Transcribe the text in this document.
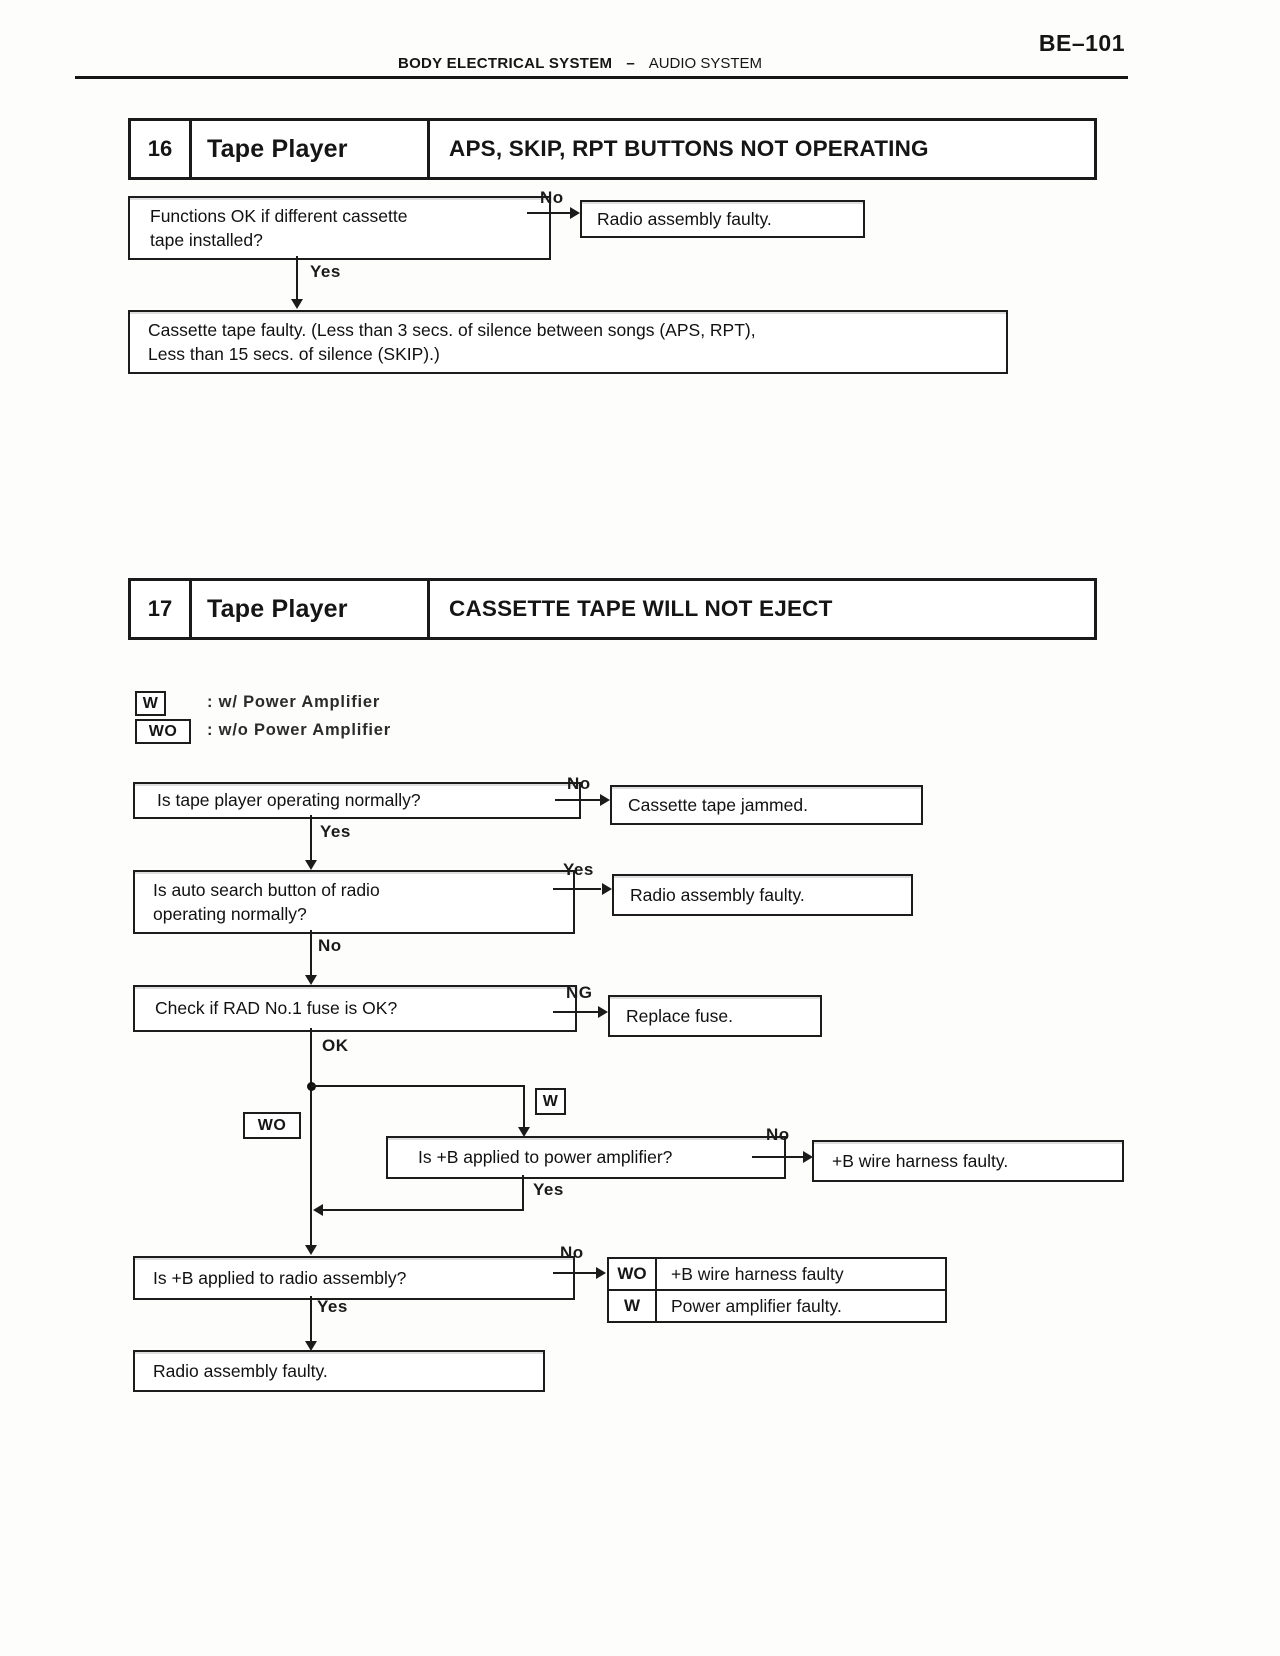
BE–101
BODY ELECTRICAL SYSTEM – AUDIO SYSTEM
16	Tape Player	APS, SKIP, RPT BUTTONS NOT OPERATING
Functions OK if different cassette
tape installed?
No
Radio assembly faulty.
Yes
Cassette tape faulty. (Less than 3 secs. of silence between songs (APS, RPT),
Less than 15 secs. of silence (SKIP).)
17	Tape Player	CASSETTE TAPE WILL NOT EJECT
W	: w/ Power Amplifier
WO	: w/o Power Amplifier
Is tape player operating normally?
No
Cassette tape jammed.
Yes
Is auto search button of radio
operating normally?
Yes
Radio assembly faulty.
No
Check if RAD No.1 fuse is OK?
NG
Replace fuse.
OK
W
WO
Is +B applied to power amplifier?
No
+B wire harness faulty.
Yes
Is +B applied to radio assembly?
No
WO	+B wire harness faulty
W	Power amplifier faulty.
Yes
Radio assembly faulty.
